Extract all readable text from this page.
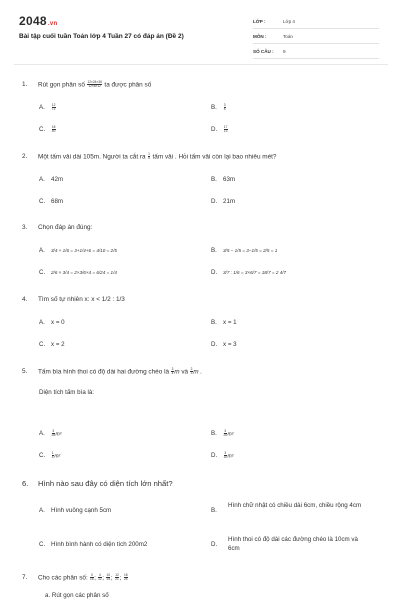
2048.vn
Bài tập cuối tuần Toán lớp 4 Tuần 27 có đáp án (Đề 2)
LỚP :	Lớp 4
MÔN :	Toán
SỐ CÂU :	9
1. Rút gọn phân số $\frac{12\times 24\times 36}{12\times 8\times 12}$ ta được phân số
A. $\frac{12}{72}$	B. $\frac{3}{4}$
C. $\frac{18}{40}$	D. $\frac{17}{13}$
2. Một tấm vải dài 105m. Người ta cắt ra $\frac{1}{5}$ tấm vải . Hỏi tấm vải còn lại bao nhiêu mét?
A. 42m	B. 63m
C. 68m	D. 21m
3. Chọn đáp án đúng:
A. 3/4 + 1/6 = 3+1/4+6 = 4/10 = 2/5	B. 3/5 − 1/5 = 3−1/5 = 2/5 = 1
C. 2/6 × 3/4 = 2×3/6×4 = 6/24 = 1/4	D. 3/7 : 1/6 = 3×6/7 = 18/7 = 2 4/7
4. Tìm số tự nhiên x: x < 1/2 : 1/3
A. x = 0	B. x = 1
C. x = 2	D. x = 3
5. Tấm bìa hình thoi có độ dài hai đường chéo là $\frac{3}{4}$ m và $\frac{2}{3}$ m .
Diện tích tấm bìa là:
A. $\frac{3}{28} m^2$	B. $\frac{3}{20} m^2$
C. $\frac{1}{4} m^2$	D. $\frac{3}{10} m^2$
6. Hình nào sau đây có diện tích lớn nhất?
A. Hình vuông cạnh 5cm	B.
Hình chữ nhật có chiều dài 6cm, chiều rộng 4cm
C. Hình bình hành có diện tích 200m2	D.
Hình thoi có độ dài các đường chéo là 10cm và 6cm
7. Cho các phân số: $\frac{3}{15}$ ; $\frac{4}{12}$ ; $\frac{10}{25}$ ; $\frac{12}{21}$ ; $\frac{18}{24}$
a. Rút gọn các phân số
